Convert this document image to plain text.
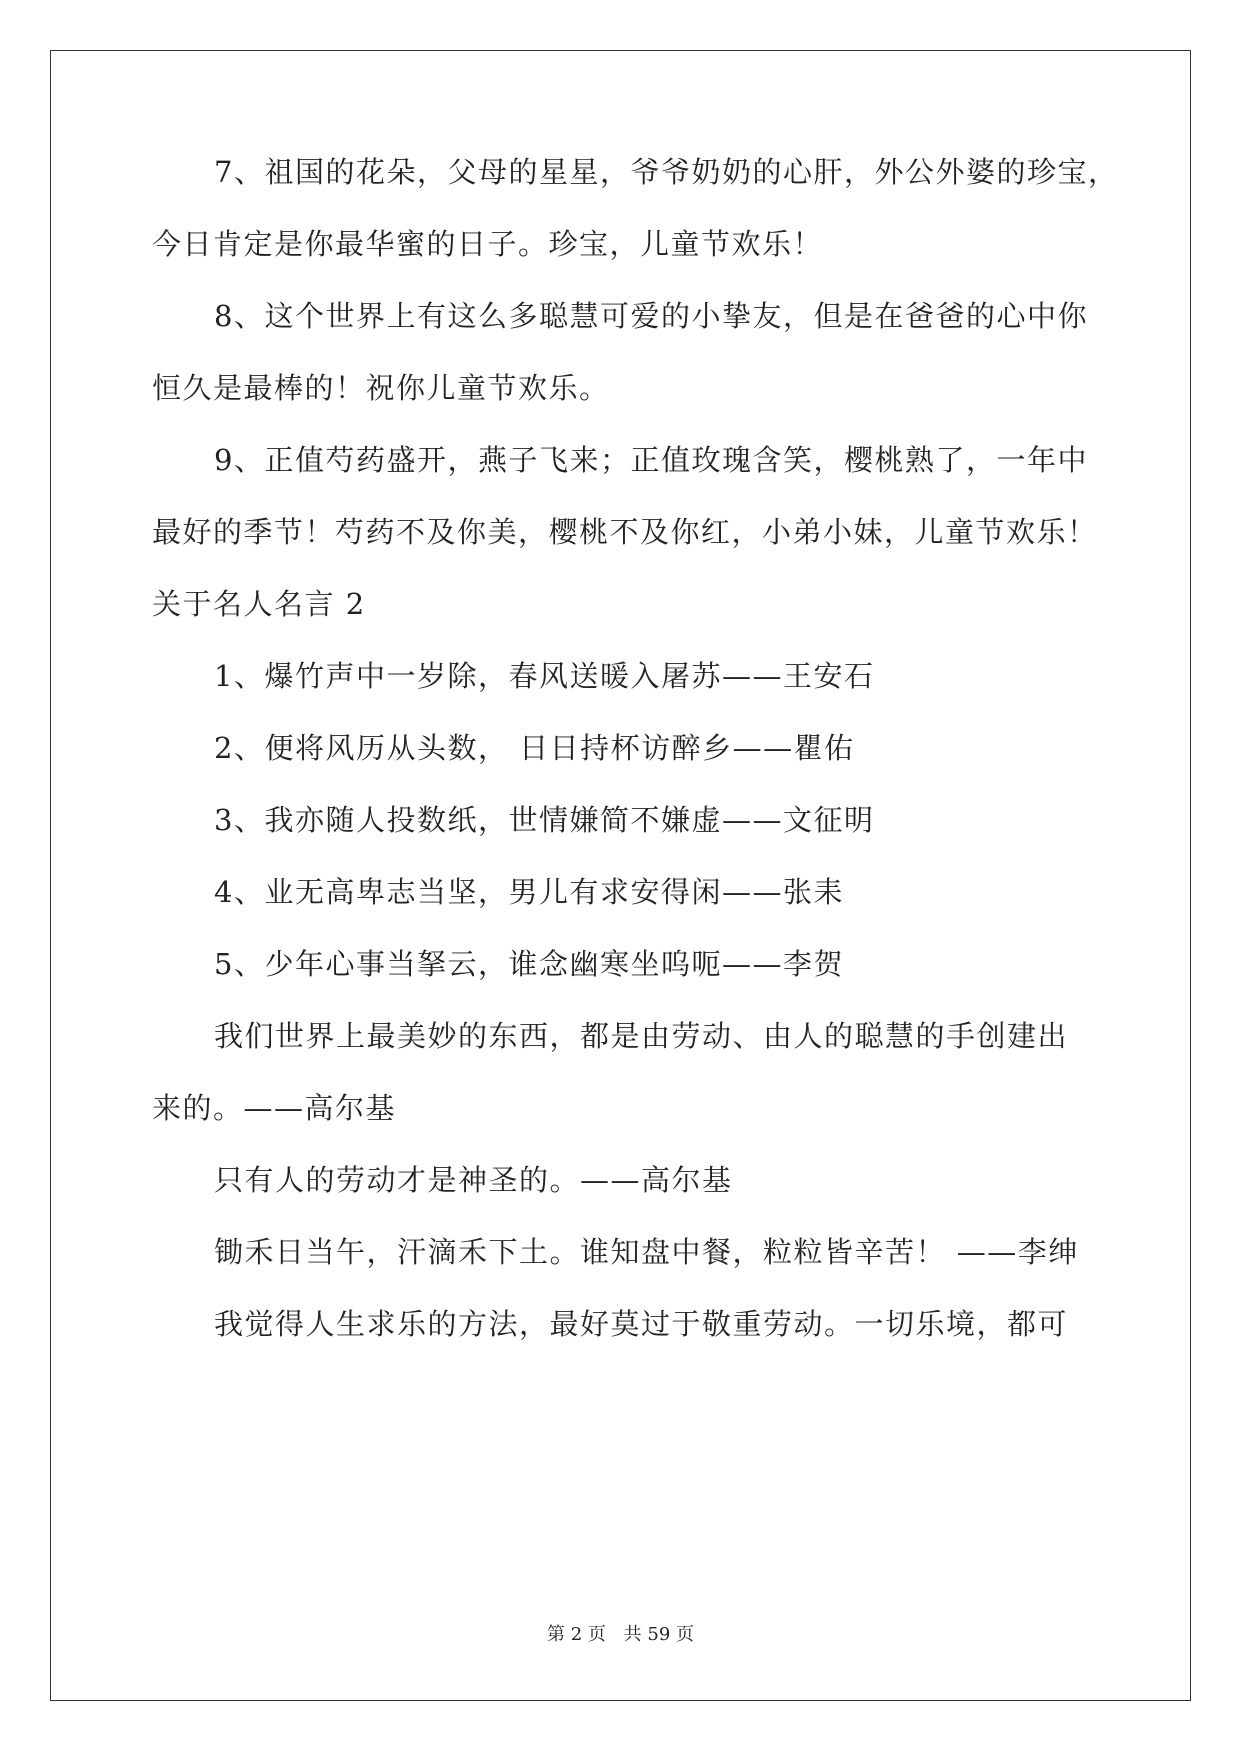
7、祖国的花朵，父母的星星，爷爷奶奶的心肝，外公外婆的珍宝，
今日肯定是你最华蜜的日子。珍宝，儿童节欢乐！
8、这个世界上有这么多聪慧可爱的小挚友，但是在爸爸的心中你
恒久是最棒的！祝你儿童节欢乐。
9、正值芍药盛开，燕子飞来；正值玫瑰含笑，樱桃熟了，一年中
最好的季节！芍药不及你美，樱桃不及你红，小弟小妹，儿童节欢乐！
关于名人名言 2
1、爆竹声中一岁除，春风送暖入屠苏——王安石
2、便将风历从头数， 日日持杯访醉乡——瞿佑
3、我亦随人投数纸，世情嫌简不嫌虚——文征明
4、业无高卑志当坚，男儿有求安得闲——张耒
5、少年心事当拏云，谁念幽寒坐呜呃——李贺
我们世界上最美妙的东西，都是由劳动、由人的聪慧的手创建出
来的。——高尔基
只有人的劳动才是神圣的。——高尔基
锄禾日当午，汗滴禾下土。谁知盘中餐，粒粒皆辛苦！ ——李绅
我觉得人生求乐的方法，最好莫过于敬重劳动。一切乐境，都可
第 2 页 共 59 页
